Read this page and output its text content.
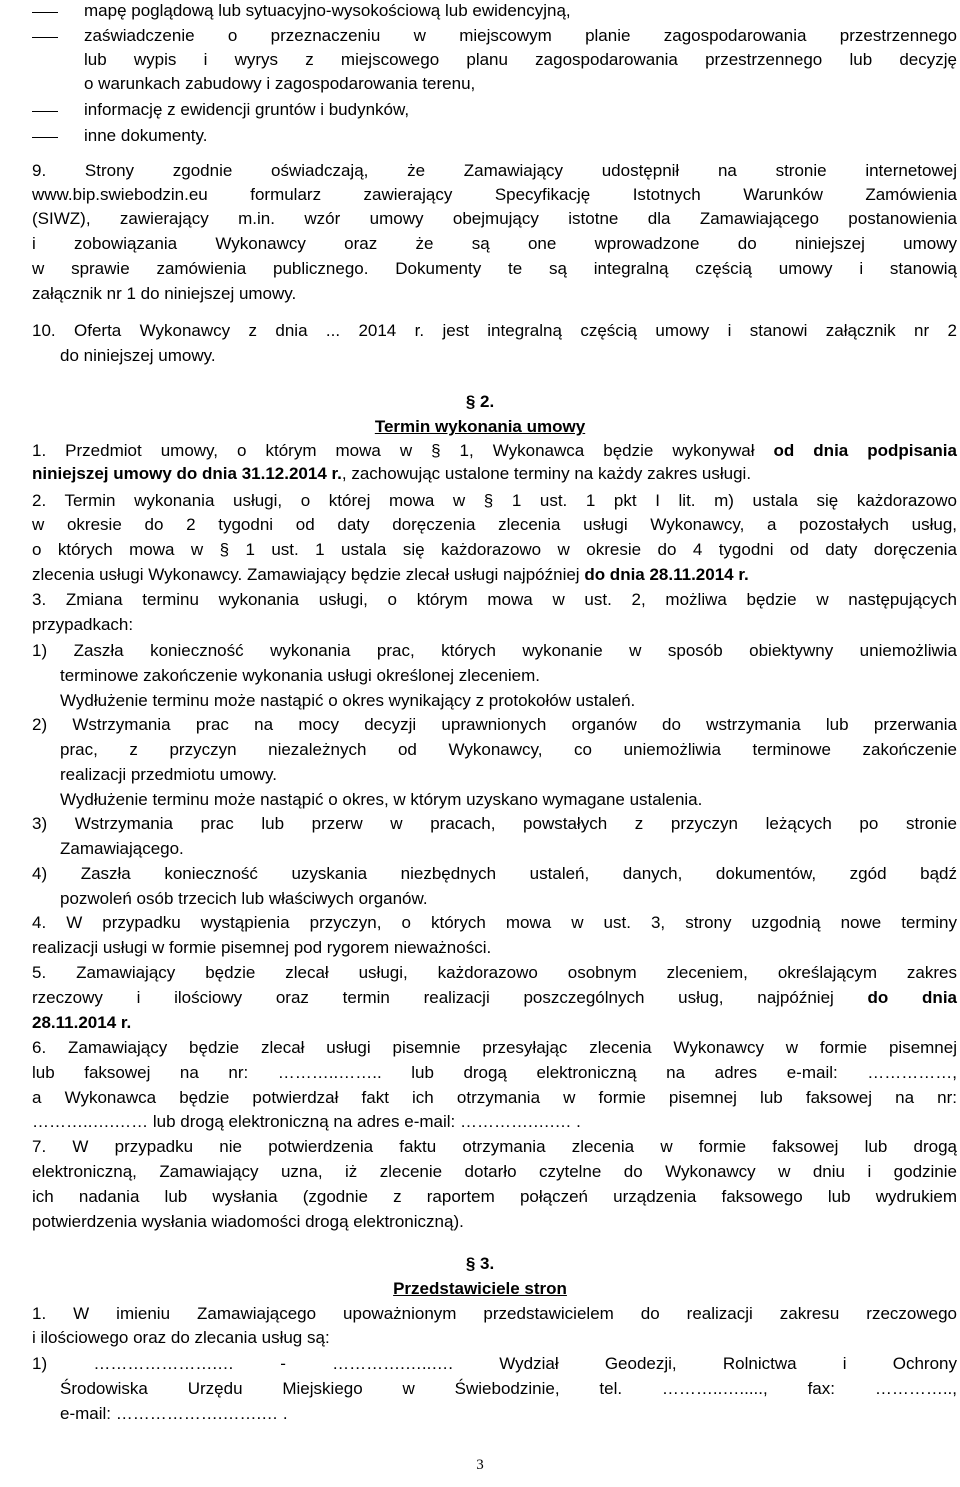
mapę poglądową lub sytuacyjno-wysokościową lub ewidencyjną,
zaświadczenie o przeznaczeniu w miejscowym planie zagospodarowania przestrzennego
lub wypis i wyrys z miejscowego planu zagospodarowania przestrzennego lub decyzję
o warunkach zabudowy i zagospodarowania terenu,
informację z ewidencji gruntów i budynków,
inne dokumenty.
9. Strony zgodnie oświadczają, że Zamawiający udostępnił na stronie internetowej
www.bip.swiebodzin.eu formularz zawierający Specyfikację Istotnych Warunków Zamówienia
(SIWZ), zawierający m.in. wzór umowy obejmujący istotne dla Zamawiającego postanowienia
i zobowiązania Wykonawcy oraz że są one wprowadzone do niniejszej umowy
w sprawie zamówienia publicznego. Dokumenty te są integralną częścią umowy i stanowią
załącznik nr 1 do niniejszej umowy.
10. Oferta Wykonawcy z dnia ... 2014 r. jest integralną częścią umowy i stanowi załącznik nr 2
do niniejszej umowy.
§ 2.
Termin wykonania umowy
1. Przedmiot umowy, o którym mowa w § 1, Wykonawca będzie wykonywał od dnia podpisania
niniejszej umowy do dnia 31.12.2014 r., zachowując ustalone terminy na każdy zakres usługi.
2. Termin wykonania usługi, o której mowa w § 1 ust. 1 pkt I lit. m) ustala się każdorazowo
w okresie do 2 tygodni od daty doręczenia zlecenia usługi Wykonawcy, a pozostałych usług,
o których mowa w § 1 ust. 1 ustala się każdorazowo w okresie do 4 tygodni od daty doręczenia
zlecenia usługi Wykonawcy. Zamawiający będzie zlecał usługi najpóźniej do dnia 28.11.2014 r.
3. Zmiana terminu wykonania usługi, o którym mowa w ust. 2, możliwa będzie w następujących
przypadkach:
1) Zaszła konieczność wykonania prac, których wykonanie w sposób obiektywny uniemożliwia
terminowe zakończenie wykonania usługi określonej zleceniem.
Wydłużenie terminu może nastąpić o okres wynikający z protokołów ustaleń.
2) Wstrzymania prac na mocy decyzji uprawnionych organów do wstrzymania lub przerwania
prac, z przyczyn niezależnych od Wykonawcy, co uniemożliwia terminowe zakończenie
realizacji przedmiotu umowy.
Wydłużenie terminu może nastąpić o okres, w którym uzyskano wymagane ustalenia.
3) Wstrzymania prac lub przerw w pracach, powstałych z przyczyn leżących po stronie
Zamawiającego.
4) Zaszła konieczność uzyskania niezbędnych ustaleń, danych, dokumentów, zgód bądź
pozwoleń osób trzecich lub właściwych organów.
4. W przypadku wystąpienia przyczyn, o których mowa w ust. 3, strony uzgodnią nowe terminy
realizacji usługi w formie pisemnej pod rygorem nieważności.
5. Zamawiający będzie zlecał usługi, każdorazowo osobnym zleceniem, określającym zakres
rzeczowy i ilościowy oraz termin realizacji poszczególnych usług, najpóźniej do dnia
28.11.2014 r.
6. Zamawiający będzie zlecał usługi pisemnie przesyłając zlecenia Wykonawcy w formie pisemnej
lub faksowej na nr: ………..…….. lub drogą elektroniczną na adres e-mail: ……………,
a Wykonawca będzie potwierdzał fakt ich otrzymania w formie pisemnej lub faksowej na nr:
………..….…… lub drogą elektroniczną na adres e-mail: ………….….… .
7. W przypadku nie potwierdzenia faktu otrzymania zlecenia w formie faksowej lub drogą
elektroniczną, Zamawiający uzna, iż zlecenie dotarło czytelne do Wykonawcy w dniu i godzinie
ich nadania lub wysłania (zgodnie z raportem połączeń urządzenia faksowego lub wydrukiem
potwierdzenia wysłania wiadomości drogą elektroniczną).
§ 3.
Przedstawiciele stron
1. W imieniu Zamawiającego upoważnionym przedstawicielem do realizacji zakresu rzeczowego
i ilościowego oraz do zlecania usług są:
1) ………………….… - ………….…..…. Wydział Geodezji, Rolnictwa i Ochrony
Środowiska Urzędu Miejskiego w Świebodzinie, tel. ………..…....., fax: …………..,
e-mail: ……………….…….… .
3
